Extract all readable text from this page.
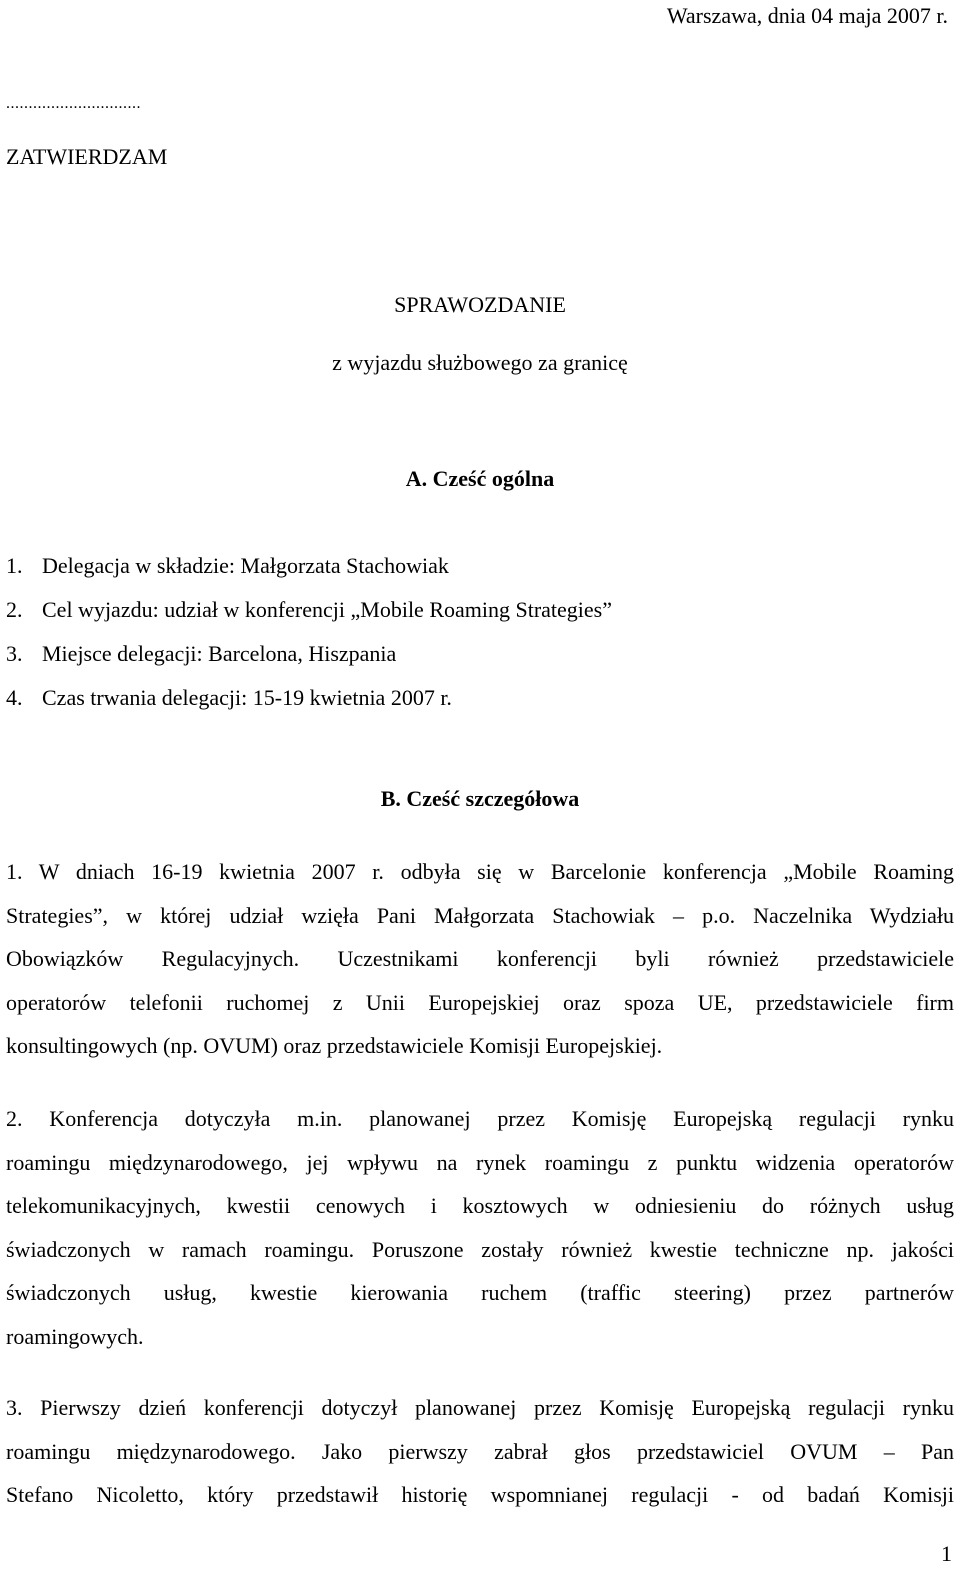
Warszawa, dnia 04 maja 2007 r.
..............................
ZATWIERDZAM
SPRAWOZDANIE
z wyjazdu służbowego za granicę
A. Cześć ogólna
1. Delegacja w składzie: Małgorzata Stachowiak
2. Cel wyjazdu: udział w konferencji „Mobile Roaming Strategies”
3. Miejsce delegacji: Barcelona, Hiszpania
4. Czas trwania delegacji: 15-19 kwietnia 2007 r.
B. Cześć szczegółowa
1. W dniach 16-19 kwietnia 2007 r. odbyła się w Barcelonie konferencja „Mobile Roaming
Strategies”, w której udział wzięła Pani Małgorzata Stachowiak – p.o. Naczelnika Wydziału
Obowiązków Regulacyjnych. Uczestnikami konferencji byli również przedstawiciele
operatorów telefonii ruchomej z Unii Europejskiej oraz spoza UE, przedstawiciele firm
konsultingowych (np. OVUM) oraz przedstawiciele Komisji Europejskiej.
2. Konferencja dotyczyła m.in. planowanej przez Komisję Europejską regulacji rynku
roamingu międzynarodowego, jej wpływu na rynek roamingu z punktu widzenia operatorów
telekomunikacyjnych, kwestii cenowych i kosztowych w odniesieniu do różnych usług
świadczonych w ramach roamingu. Poruszone zostały również kwestie techniczne np. jakości
świadczonych usług, kwestie kierowania ruchem (traffic steering) przez partnerów
roamingowych.
3. Pierwszy dzień konferencji dotyczył planowanej przez Komisję Europejską regulacji rynku
roamingu międzynarodowego. Jako pierwszy zabrał głos przedstawiciel OVUM – Pan
Stefano Nicoletto, który przedstawił historię wspomnianej regulacji - od badań Komisji
1
